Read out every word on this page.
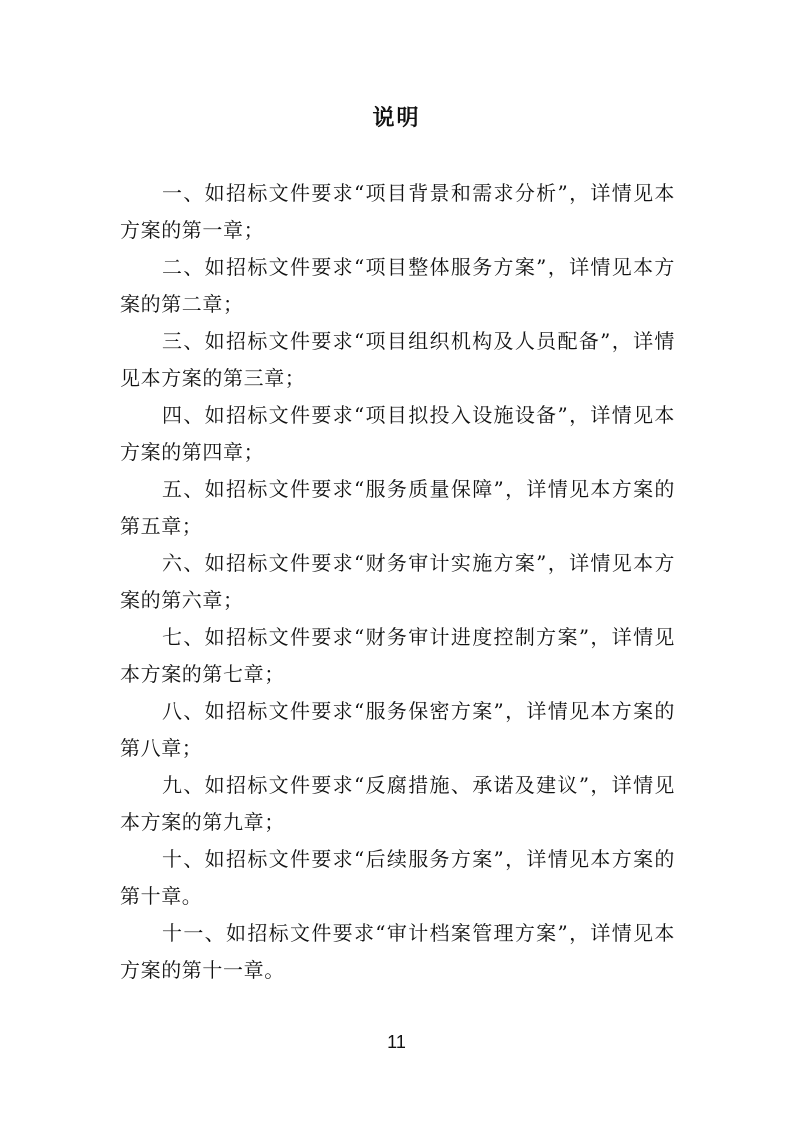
说明

一、如招标文件要求“项目背景和需求分析”，详情见本方案的第一章；

二、如招标文件要求“项目整体服务方案”，详情见本方案的第二章；

三、如招标文件要求“项目组织机构及人员配备”，详情见本方案的第三章；

四、如招标文件要求“项目拟投入设施设备”，详情见本方案的第四章；

五、如招标文件要求“服务质量保障”，详情见本方案的第五章；

六、如招标文件要求“财务审计实施方案”，详情见本方案的第六章；

七、如招标文件要求“财务审计进度控制方案”，详情见本方案的第七章；

八、如招标文件要求“服务保密方案”，详情见本方案的第八章；

九、如招标文件要求“反腐措施、承诺及建议”，详情见本方案的第九章；

十、如招标文件要求“后续服务方案”，详情见本方案的第十章。

十一、如招标文件要求“审计档案管理方案”，详情见本方案的第十一章。

11
